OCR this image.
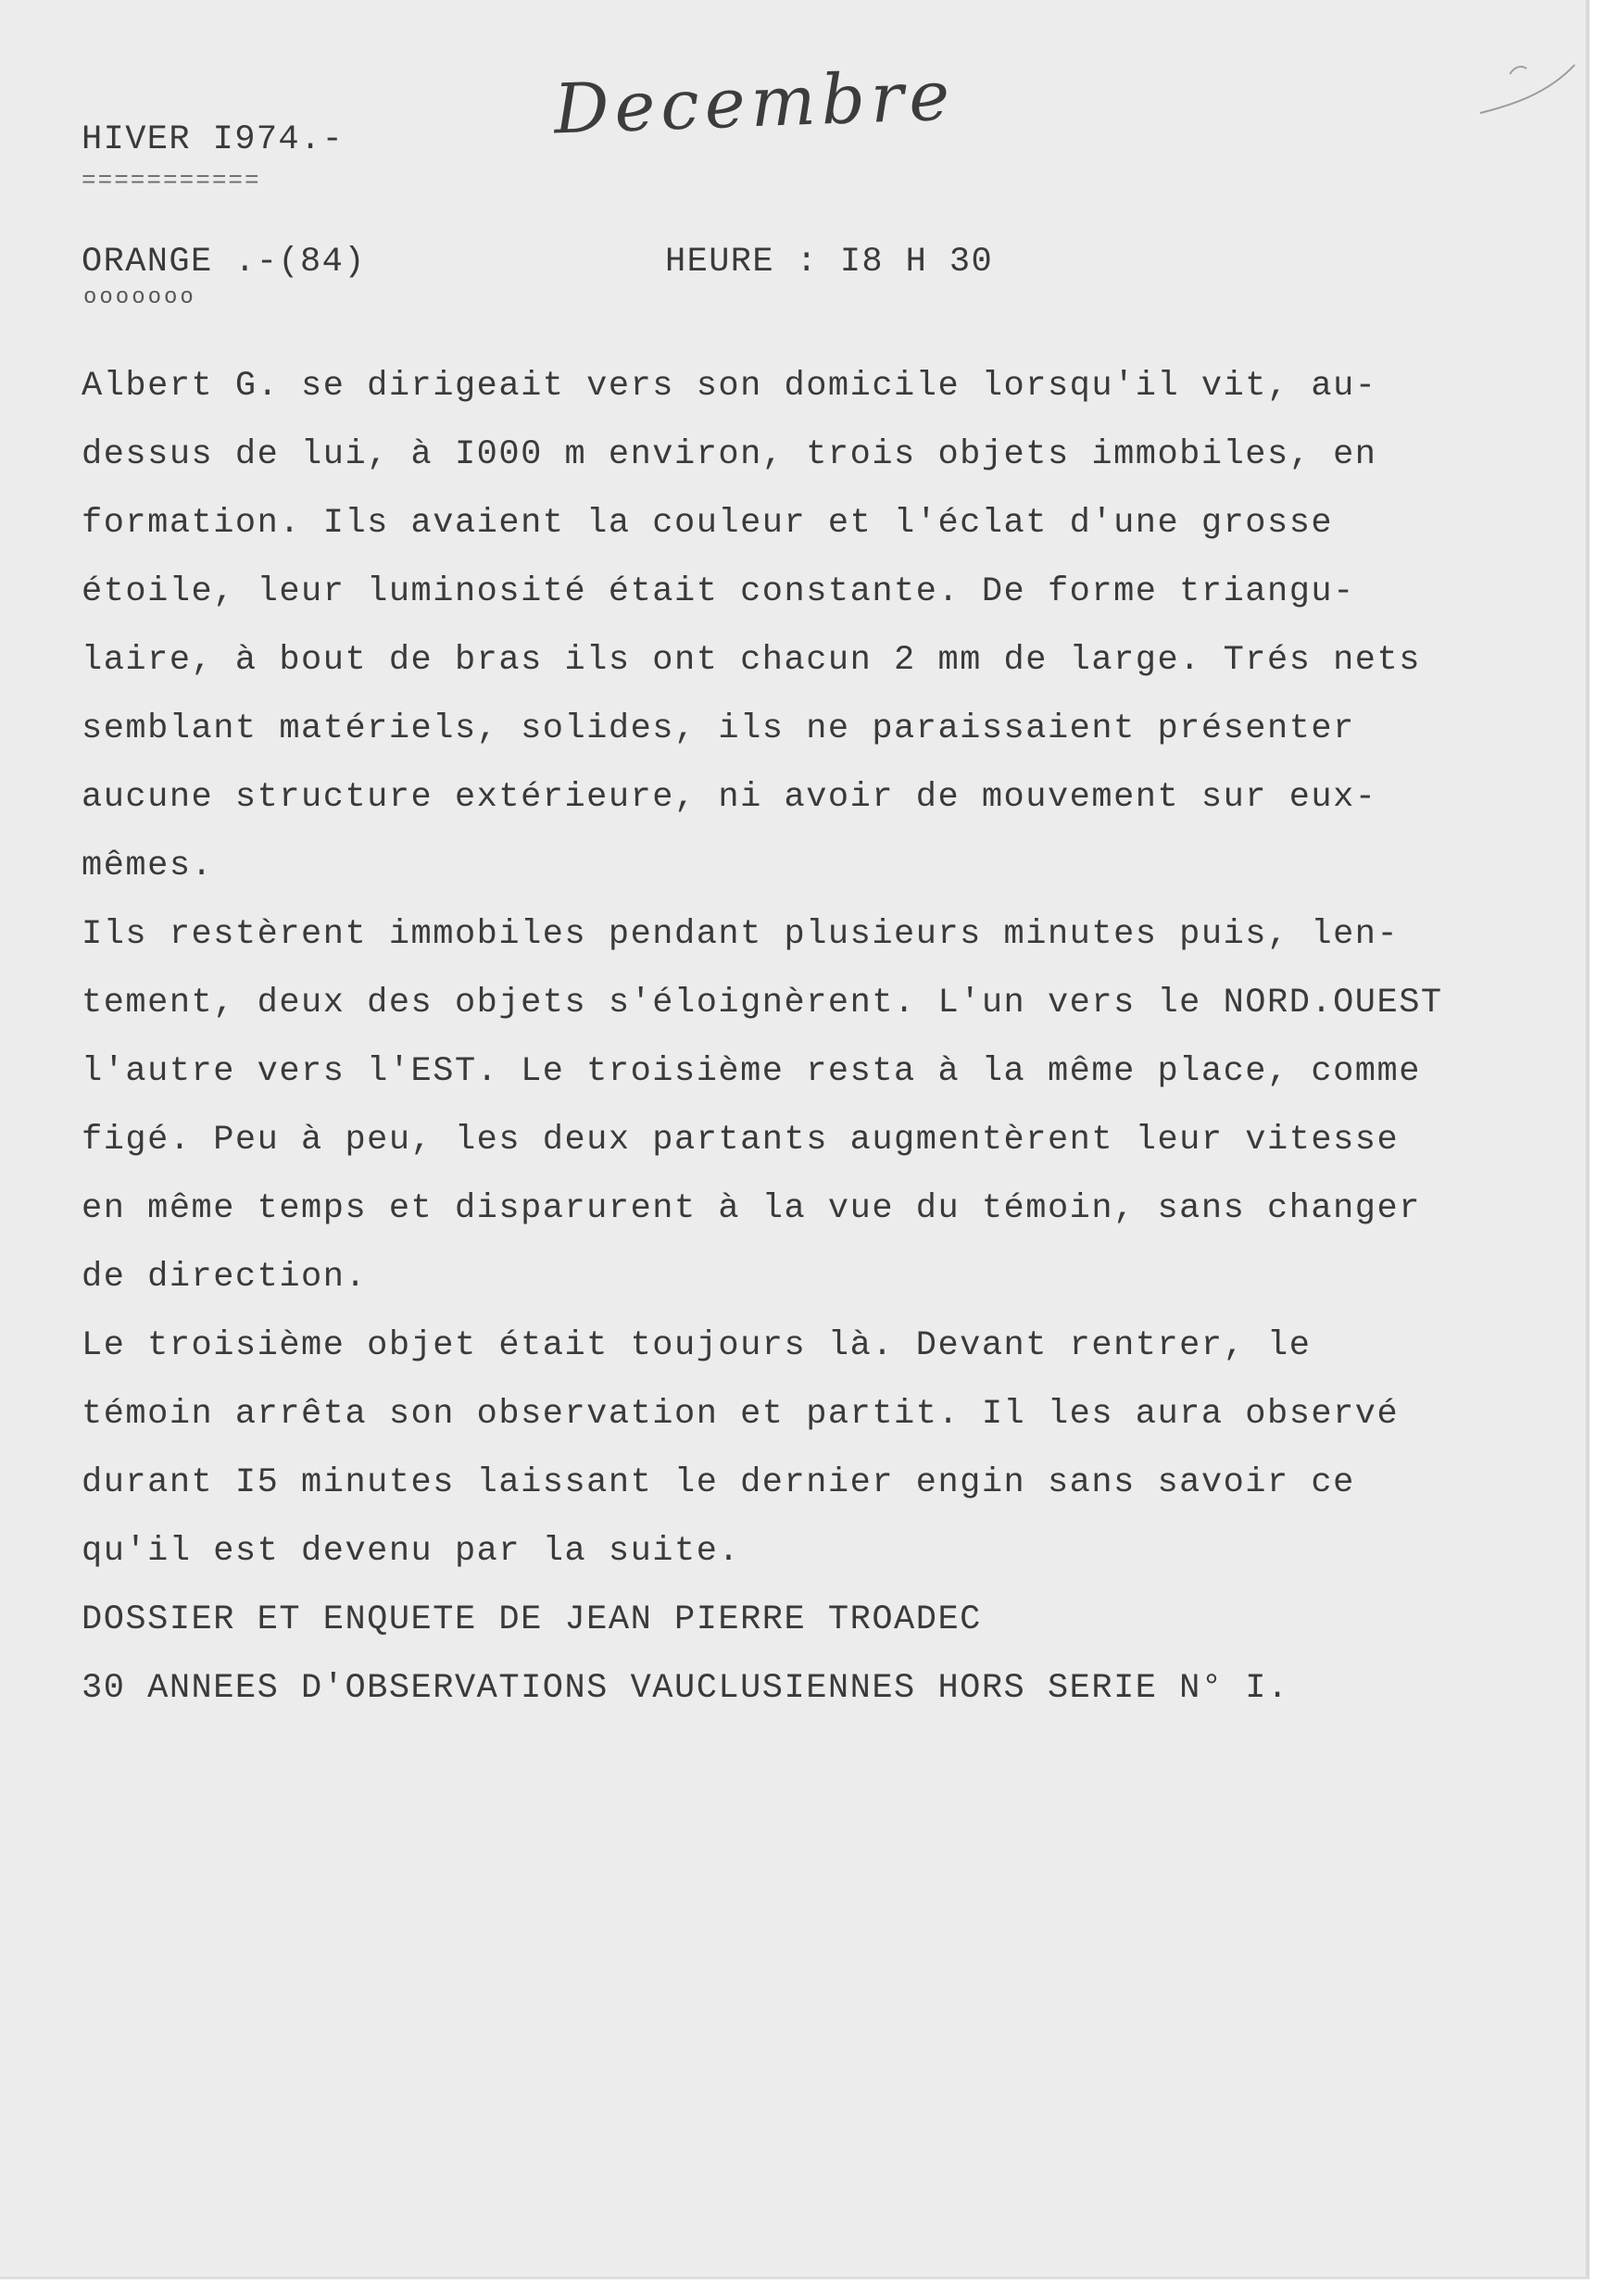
Decembre
HIVER I974.-
===========
ORANGE .-(84)
ooooooo
HEURE : I8 H 30
Albert G. se dirigeait vers son domicile lorsqu'il vit, au-
dessus de lui, à I000 m environ, trois objets immobiles, en
formation. Ils avaient la couleur et l'éclat d'une grosse
étoile, leur luminosité était constante. De forme triangu-
laire, à bout de bras ils ont chacun 2 mm de large. Trés nets
semblant matériels, solides, ils ne paraissaient présenter
aucune structure extérieure, ni avoir de mouvement sur eux-
mêmes.
Ils restèrent immobiles pendant plusieurs minutes puis, len-
tement, deux des objets s'éloignèrent. L'un vers le NORD.OUEST
l'autre vers l'EST. Le troisième resta à la même place, comme
figé. Peu à peu, les deux partants augmentèrent leur vitesse
en même temps et disparurent à la vue du témoin, sans changer
de direction.
Le troisième objet était toujours là. Devant rentrer, le
témoin arrêta son observation et partit. Il les aura observé
durant I5 minutes laissant le dernier engin sans savoir ce
qu'il est devenu par la suite.
DOSSIER ET ENQUETE DE JEAN PIERRE TROADEC
30 ANNEES D'OBSERVATIONS VAUCLUSIENNES HORS SERIE N° I.
